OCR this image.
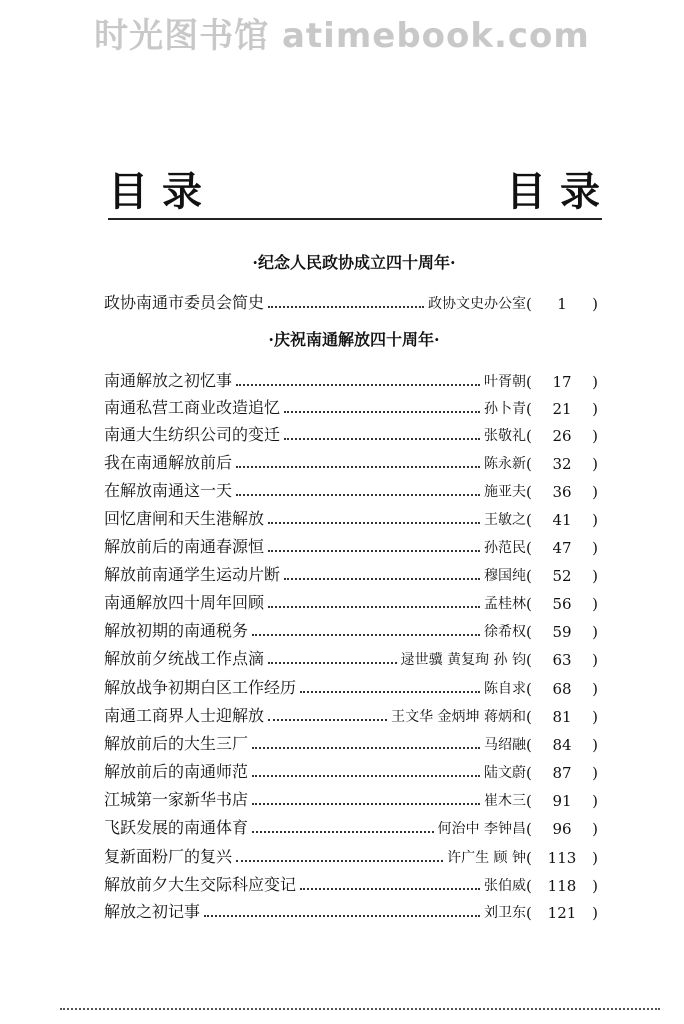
时光图书馆 atimebook.com
目录	目录
·纪念人民政协成立四十周年·
政协南通市委员会简史	政协文史办公室 (	1	)
·庆祝南通解放四十周年·
南通解放之初忆事	叶胥朝 (	17	)
南通私营工商业改造追忆	孙卜青 (	21	)
南通大生纺织公司的变迁	张敬礼 (	26	)
我在南通解放前后	陈永新 (	32	)
在解放南通这一天	施亚夫 (	36	)
回忆唐闸和天生港解放	王敏之 (	41	)
解放前后的南通春源恒	孙范民 (	47	)
解放前南通学生运动片断	穆国纯 (	52	)
南通解放四十周年回顾	孟桂林 (	56	)
解放初期的南通税务	徐希权 (	59	)
解放前夕统战工作点滴	逯世骥 黄复珣 孙 钧 (	63	)
解放战争初期白区工作经历	陈自求 (	68	)
南通工商界人士迎解放	王文华 金炳坤 蒋炳和 (	81	)
解放前后的大生三厂	马绍融 (	84	)
解放前后的南通师范	陆文蔚 (	87	)
江城第一家新华书店	崔木三 (	91	)
飞跃发展的南通体育	何治中 李钟昌 (	96	)
复新面粉厂的复兴	许广生 顾 钟 (	113	)
解放前夕大生交际科应变记	张伯威 (	118	)
解放之初记事	刘卫东 (	121	)
